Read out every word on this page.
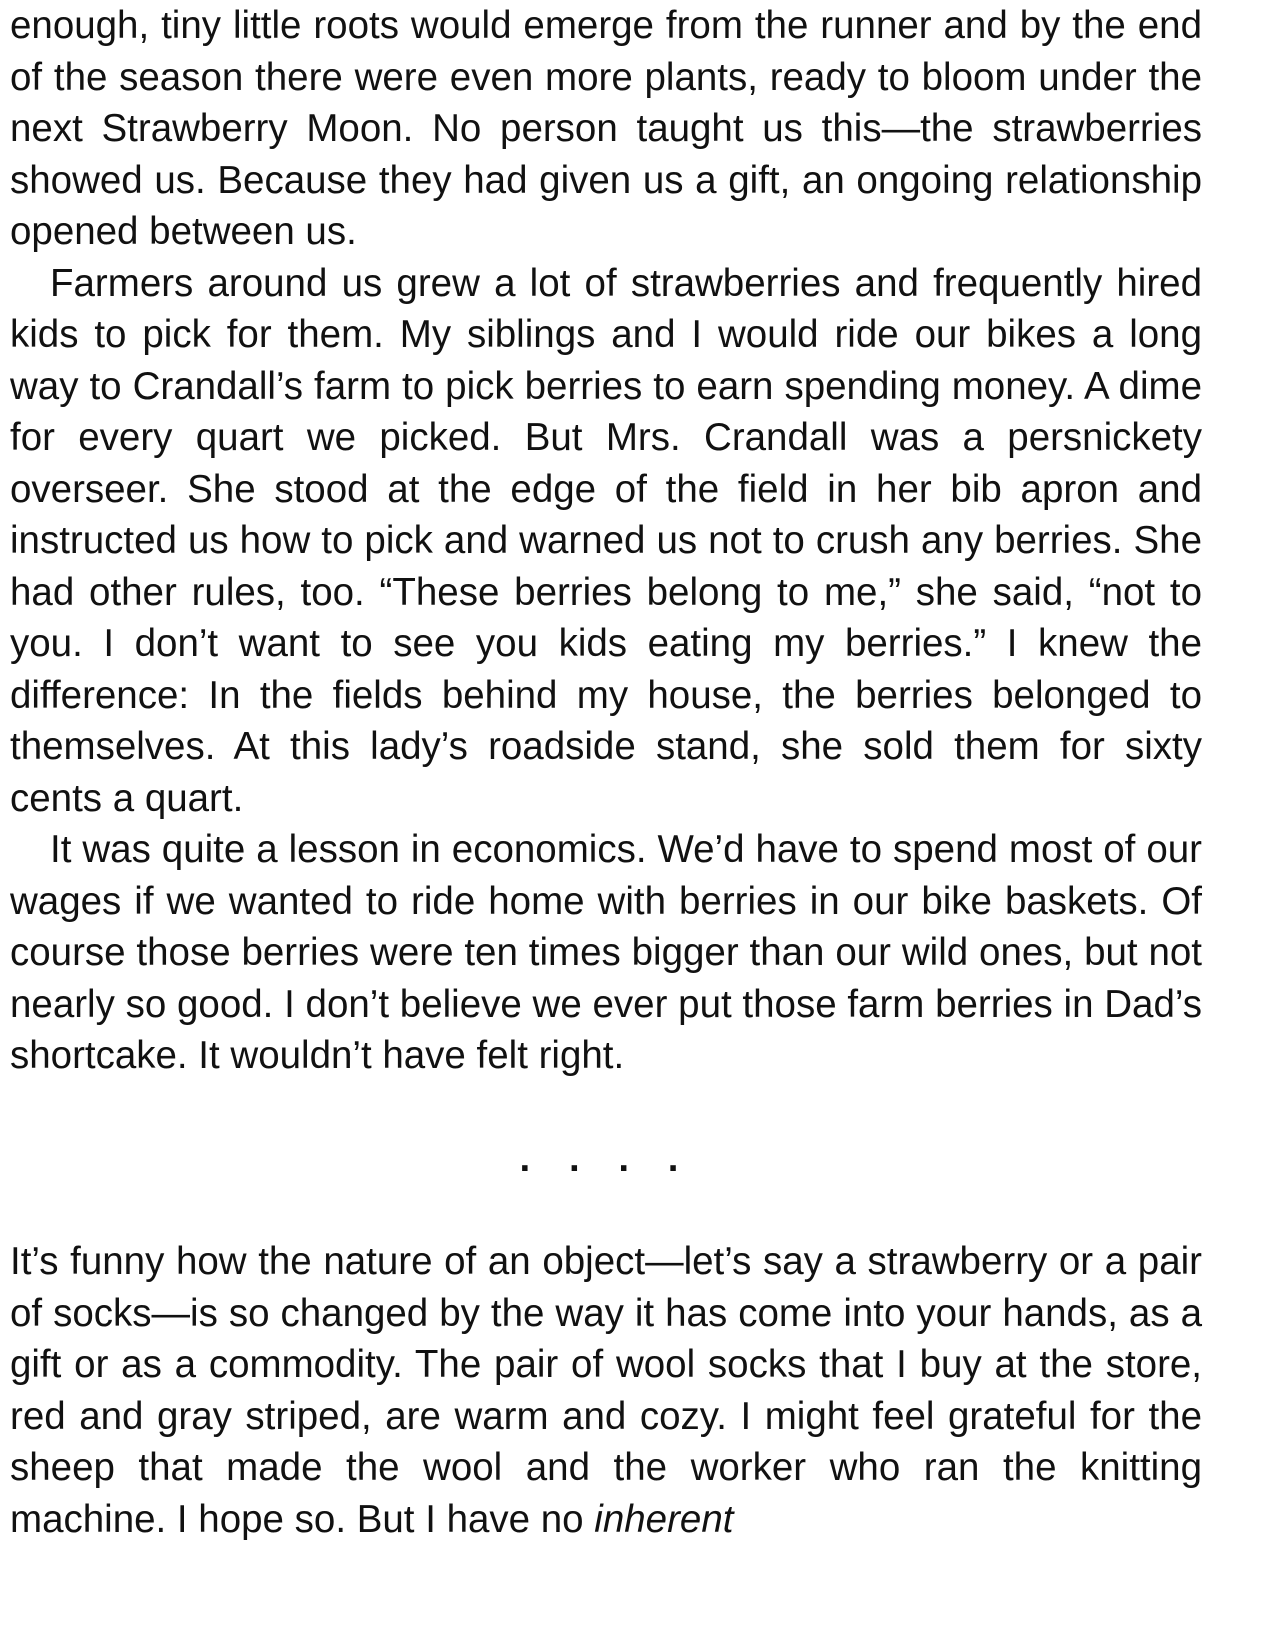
enough, tiny little roots would emerge from the runner and by the end of the season there were even more plants, ready to bloom under the next Strawberry Moon. No person taught us this—the strawberries showed us. Because they had given us a gift, an ongoing relationship opened between us.

Farmers around us grew a lot of strawberries and frequently hired kids to pick for them. My siblings and I would ride our bikes a long way to Crandall’s farm to pick berries to earn spending money. A dime for every quart we picked. But Mrs. Crandall was a persnickety overseer. She stood at the edge of the field in her bib apron and instructed us how to pick and warned us not to crush any berries. She had other rules, too. “These berries belong to me,” she said, “not to you. I don’t want to see you kids eating my berries.” I knew the difference: In the fields behind my house, the berries belonged to themselves. At this lady’s roadside stand, she sold them for sixty cents a quart.

It was quite a lesson in economics. We’d have to spend most of our wages if we wanted to ride home with berries in our bike baskets. Of course those berries were ten times bigger than our wild ones, but not nearly so good. I don’t believe we ever put those farm berries in Dad’s shortcake. It wouldn’t have felt right.

. . . .

It’s funny how the nature of an object—let’s say a strawberry or a pair of socks—is so changed by the way it has come into your hands, as a gift or as a commodity. The pair of wool socks that I buy at the store, red and gray striped, are warm and cozy. I might feel grateful for the sheep that made the wool and the worker who ran the knitting machine. I hope so. But I have no inherent
